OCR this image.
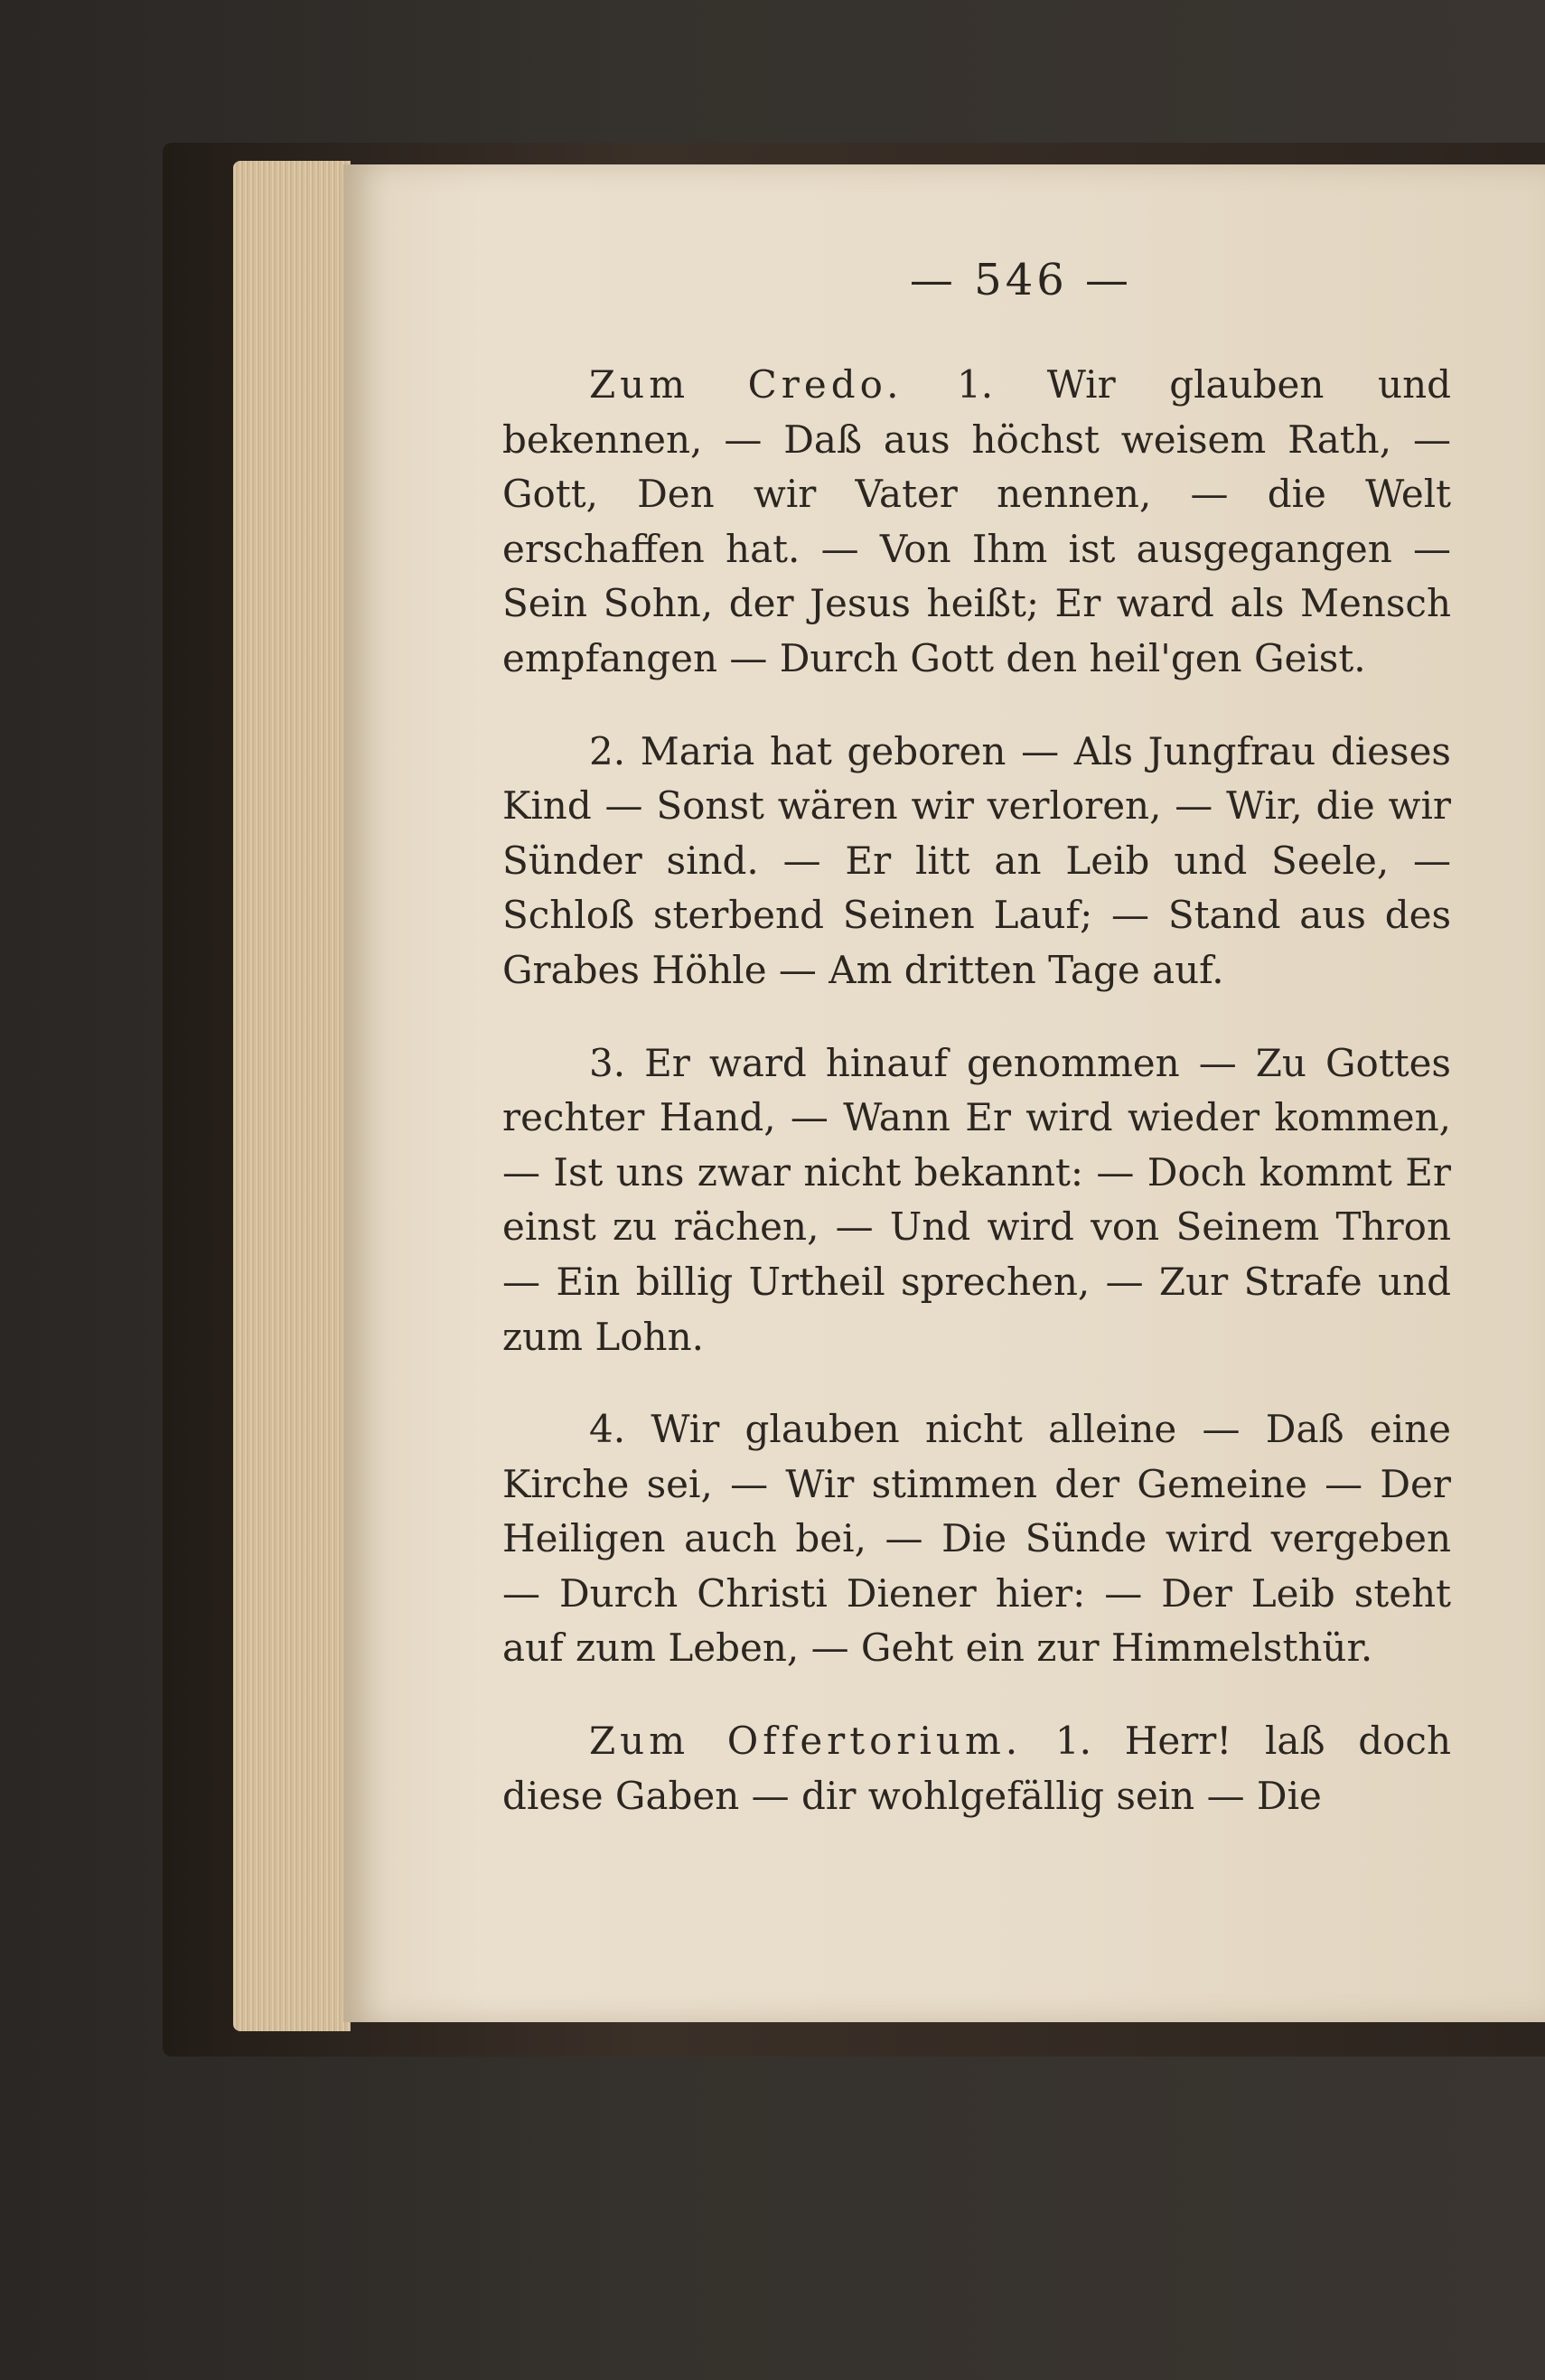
— 546 —

Zum Credo. 1. Wir glauben und bekennen, — Daß aus höchst weisem Rath, — Gott, Den wir Vater nennen, — die Welt erschaffen hat. — Von Ihm ist ausgegangen — Sein Sohn, der Jesus heißt; Er ward als Mensch empfangen — Durch Gott den heil'gen Geist.

2. Maria hat geboren — Als Jungfrau dieses Kind — Sonst wären wir verloren, — Wir, die wir Sünder sind. — Er litt an Leib und Seele, — Schloß sterbend Seinen Lauf; — Stand aus des Grabes Höhle — Am dritten Tage auf.

3. Er ward hinauf genommen — Zu Gottes rechter Hand, — Wann Er wird wieder kommen, — Ist uns zwar nicht bekannt: — Doch kommt Er einst zu rächen, — Und wird von Seinem Thron — Ein billig Urtheil sprechen, — Zur Strafe und zum Lohn.

4. Wir glauben nicht alleine — Daß eine Kirche sei, — Wir stimmen der Gemeine — Der Heiligen auch bei, — Die Sünde wird vergeben — Durch Christi Diener hier: — Der Leib steht auf zum Leben, — Geht ein zur Himmelsthür.

Zum Offertorium. 1. Herr! laß doch diese Gaben — dir wohlgefällig sein — Die
